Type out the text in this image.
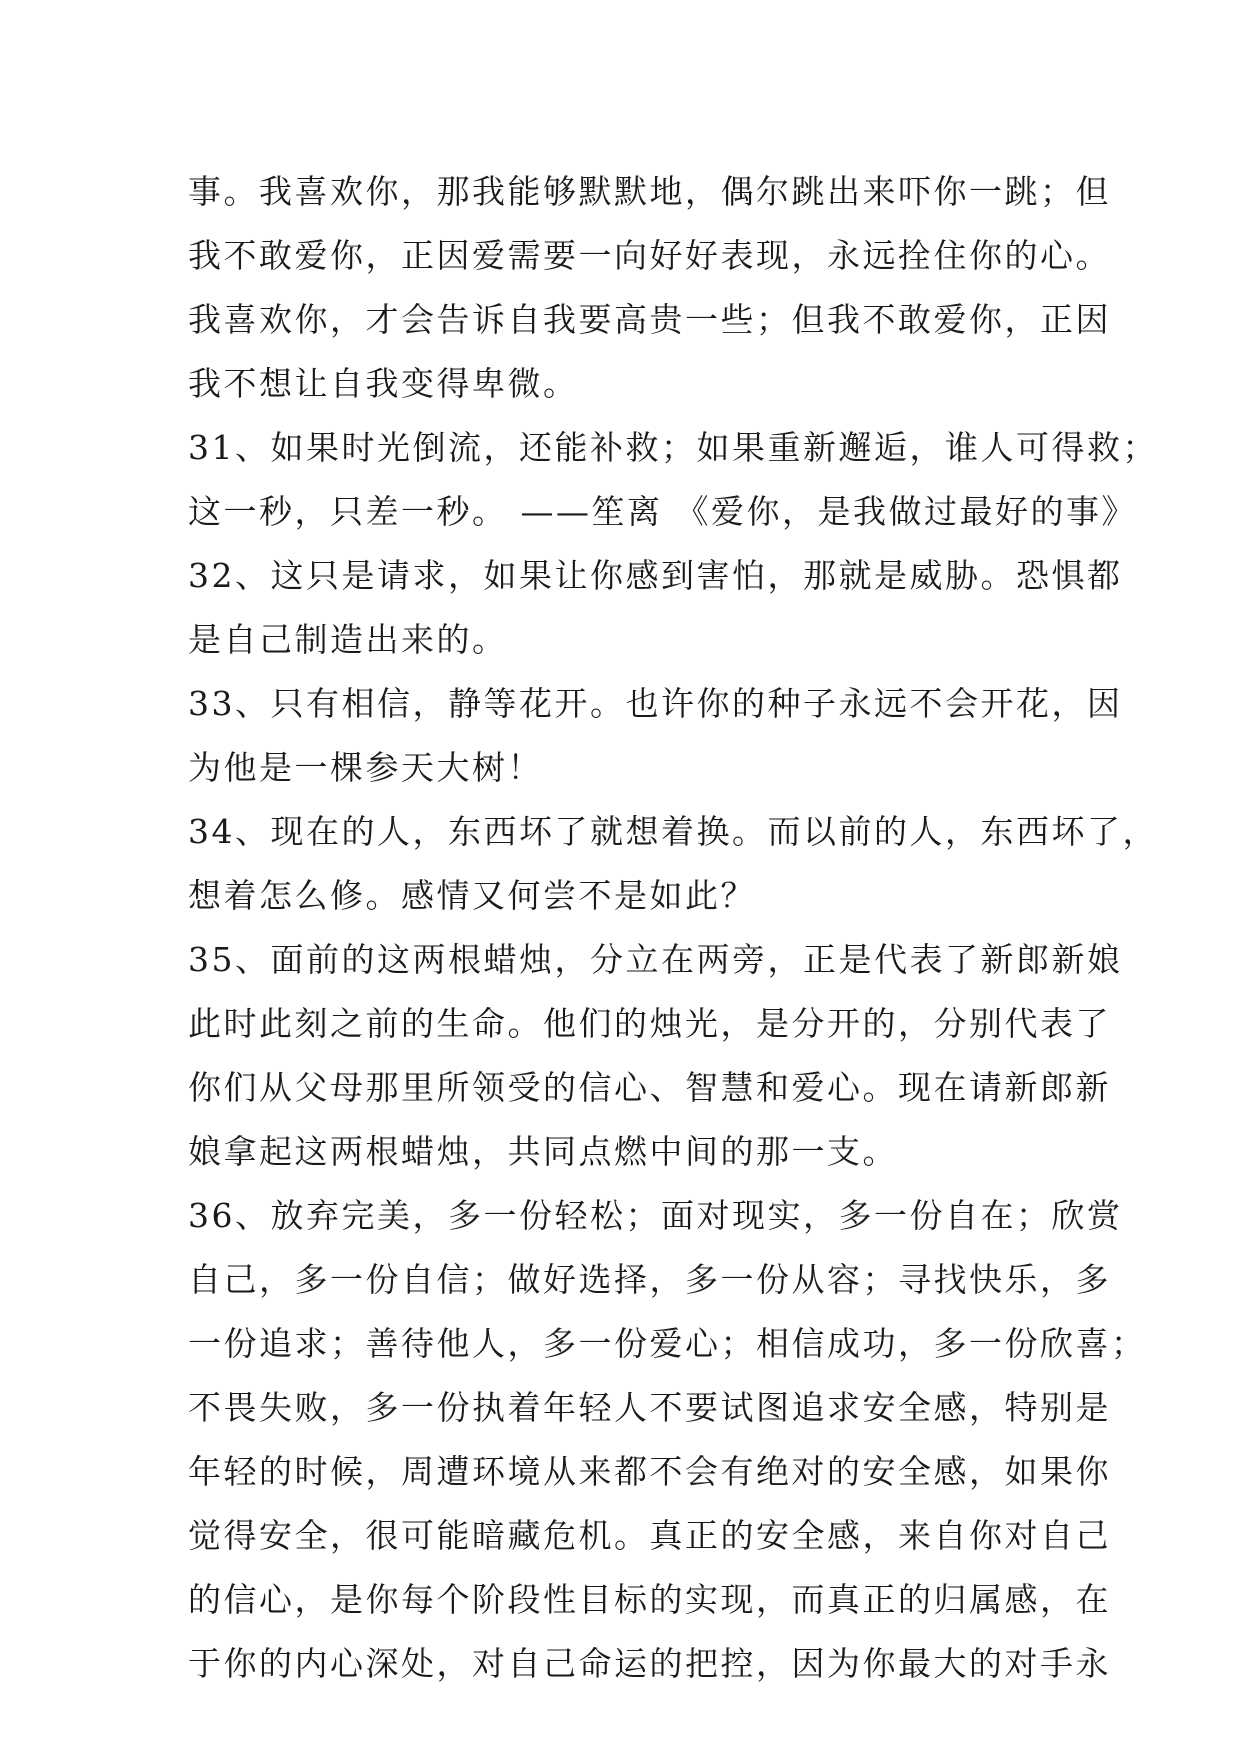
事。我喜欢你，那我能够默默地，偶尔跳出来吓你一跳；但
我不敢爱你，正因爱需要一向好好表现，永远拴住你的心。
我喜欢你，才会告诉自我要高贵一些；但我不敢爱你，正因
我不想让自我变得卑微。
31、如果时光倒流，还能补救；如果重新邂逅，谁人可得救；
这一秒，只差一秒。 ——笙离 《爱你，是我做过最好的事》
32、这只是请求，如果让你感到害怕，那就是威胁。恐惧都
是自己制造出来的。
33、只有相信，静等花开。也许你的种子永远不会开花，因
为他是一棵参天大树！
34、现在的人，东西坏了就想着换。而以前的人，东西坏了，
想着怎么修。感情又何尝不是如此？
35、面前的这两根蜡烛，分立在两旁，正是代表了新郎新娘
此时此刻之前的生命。他们的烛光，是分开的，分别代表了
你们从父母那里所领受的信心、智慧和爱心。现在请新郎新
娘拿起这两根蜡烛，共同点燃中间的那一支。
36、放弃完美，多一份轻松；面对现实，多一份自在；欣赏
自己，多一份自信；做好选择，多一份从容；寻找快乐，多
一份追求；善待他人，多一份爱心；相信成功，多一份欣喜；
不畏失败，多一份执着年轻人不要试图追求安全感，特别是
年轻的时候，周遭环境从来都不会有绝对的安全感，如果你
觉得安全，很可能暗藏危机。真正的安全感，来自你对自己
的信心，是你每个阶段性目标的实现，而真正的归属感，在
于你的内心深处，对自己命运的把控，因为你最大的对手永
